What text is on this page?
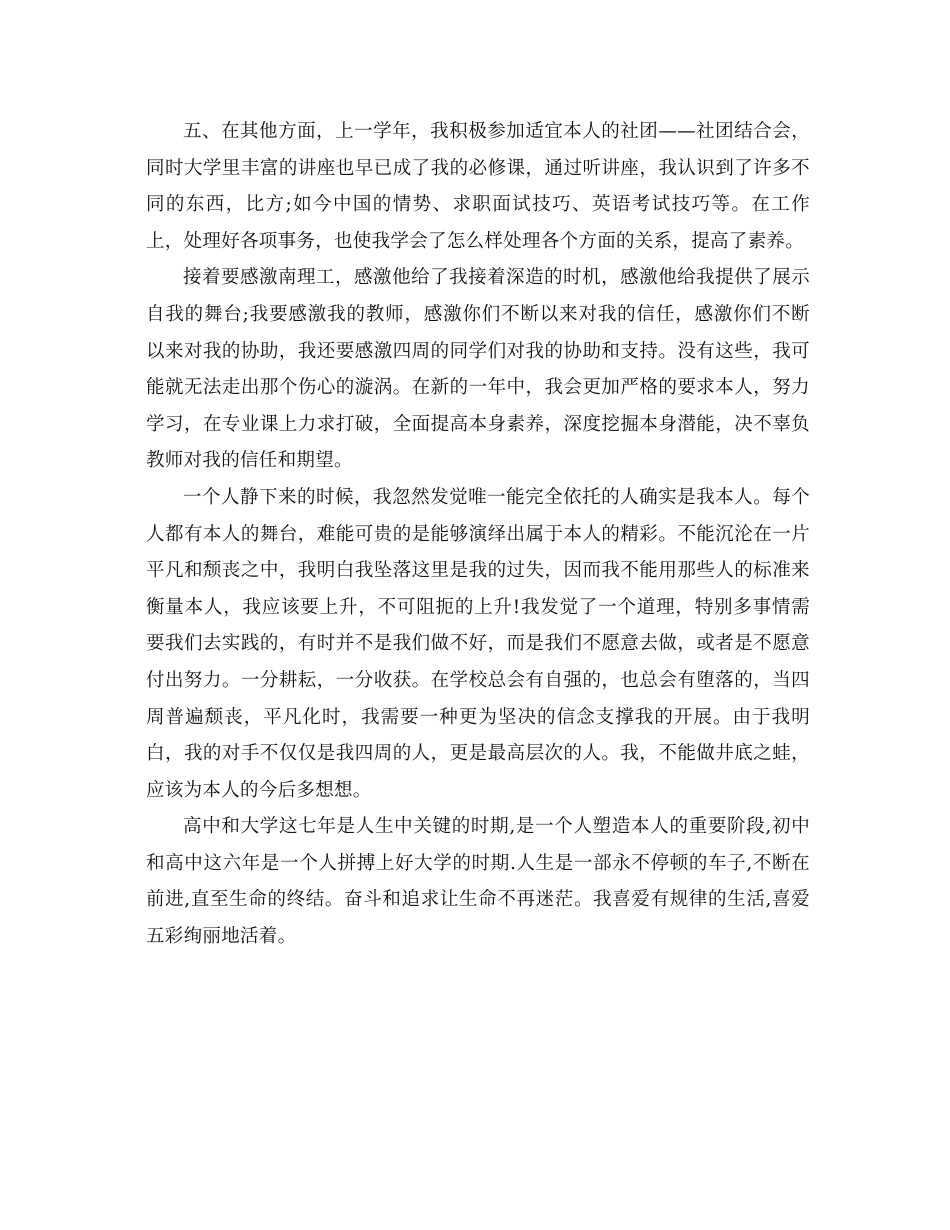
五、在其他方面，上一学年，我积极参加适宜本人的社团——社团结合会，同时大学里丰富的讲座也早已成了我的必修课，通过听讲座，我认识到了许多不同的东西，比方;如今中国的情势、求职面试技巧、英语考试技巧等。在工作上，处理好各项事务，也使我学会了怎么样处理各个方面的关系，提高了素养。

接着要感激南理工，感激他给了我接着深造的时机，感激他给我提供了展示自我的舞台;我要感激我的教师，感激你们不断以来对我的信任，感激你们不断以来对我的协助，我还要感激四周的同学们对我的协助和支持。没有这些，我可能就无法走出那个伤心的漩涡。在新的一年中，我会更加严格的要求本人，努力学习，在专业课上力求打破，全面提高本身素养，深度挖掘本身潜能，决不辜负教师对我的信任和期望。

一个人静下来的时候，我忽然发觉唯一能完全依托的人确实是我本人。每个人都有本人的舞台，难能可贵的是能够演绎出属于本人的精彩。不能沉沦在一片平凡和颓丧之中，我明白我坠落这里是我的过失，因而我不能用那些人的标准来衡量本人，我应该要上升，不可阻扼的上升!我发觉了一个道理，特别多事情需要我们去实践的，有时并不是我们做不好，而是我们不愿意去做，或者是不愿意付出努力。一分耕耘，一分收获。在学校总会有自强的，也总会有堕落的，当四周普遍颓丧，平凡化时，我需要一种更为坚决的信念支撑我的开展。由于我明白，我的对手不仅仅是我四周的人，更是最高层次的人。我，不能做井底之蛙，应该为本人的今后多想想。

高中和大学这七年是人生中关键的时期,是一个人塑造本人的重要阶段,初中和高中这六年是一个人拼搏上好大学的时期.人生是一部永不停顿的车子,不断在前进,直至生命的终结。奋斗和追求让生命不再迷茫。我喜爱有规律的生活,喜爱五彩绚丽地活着。
